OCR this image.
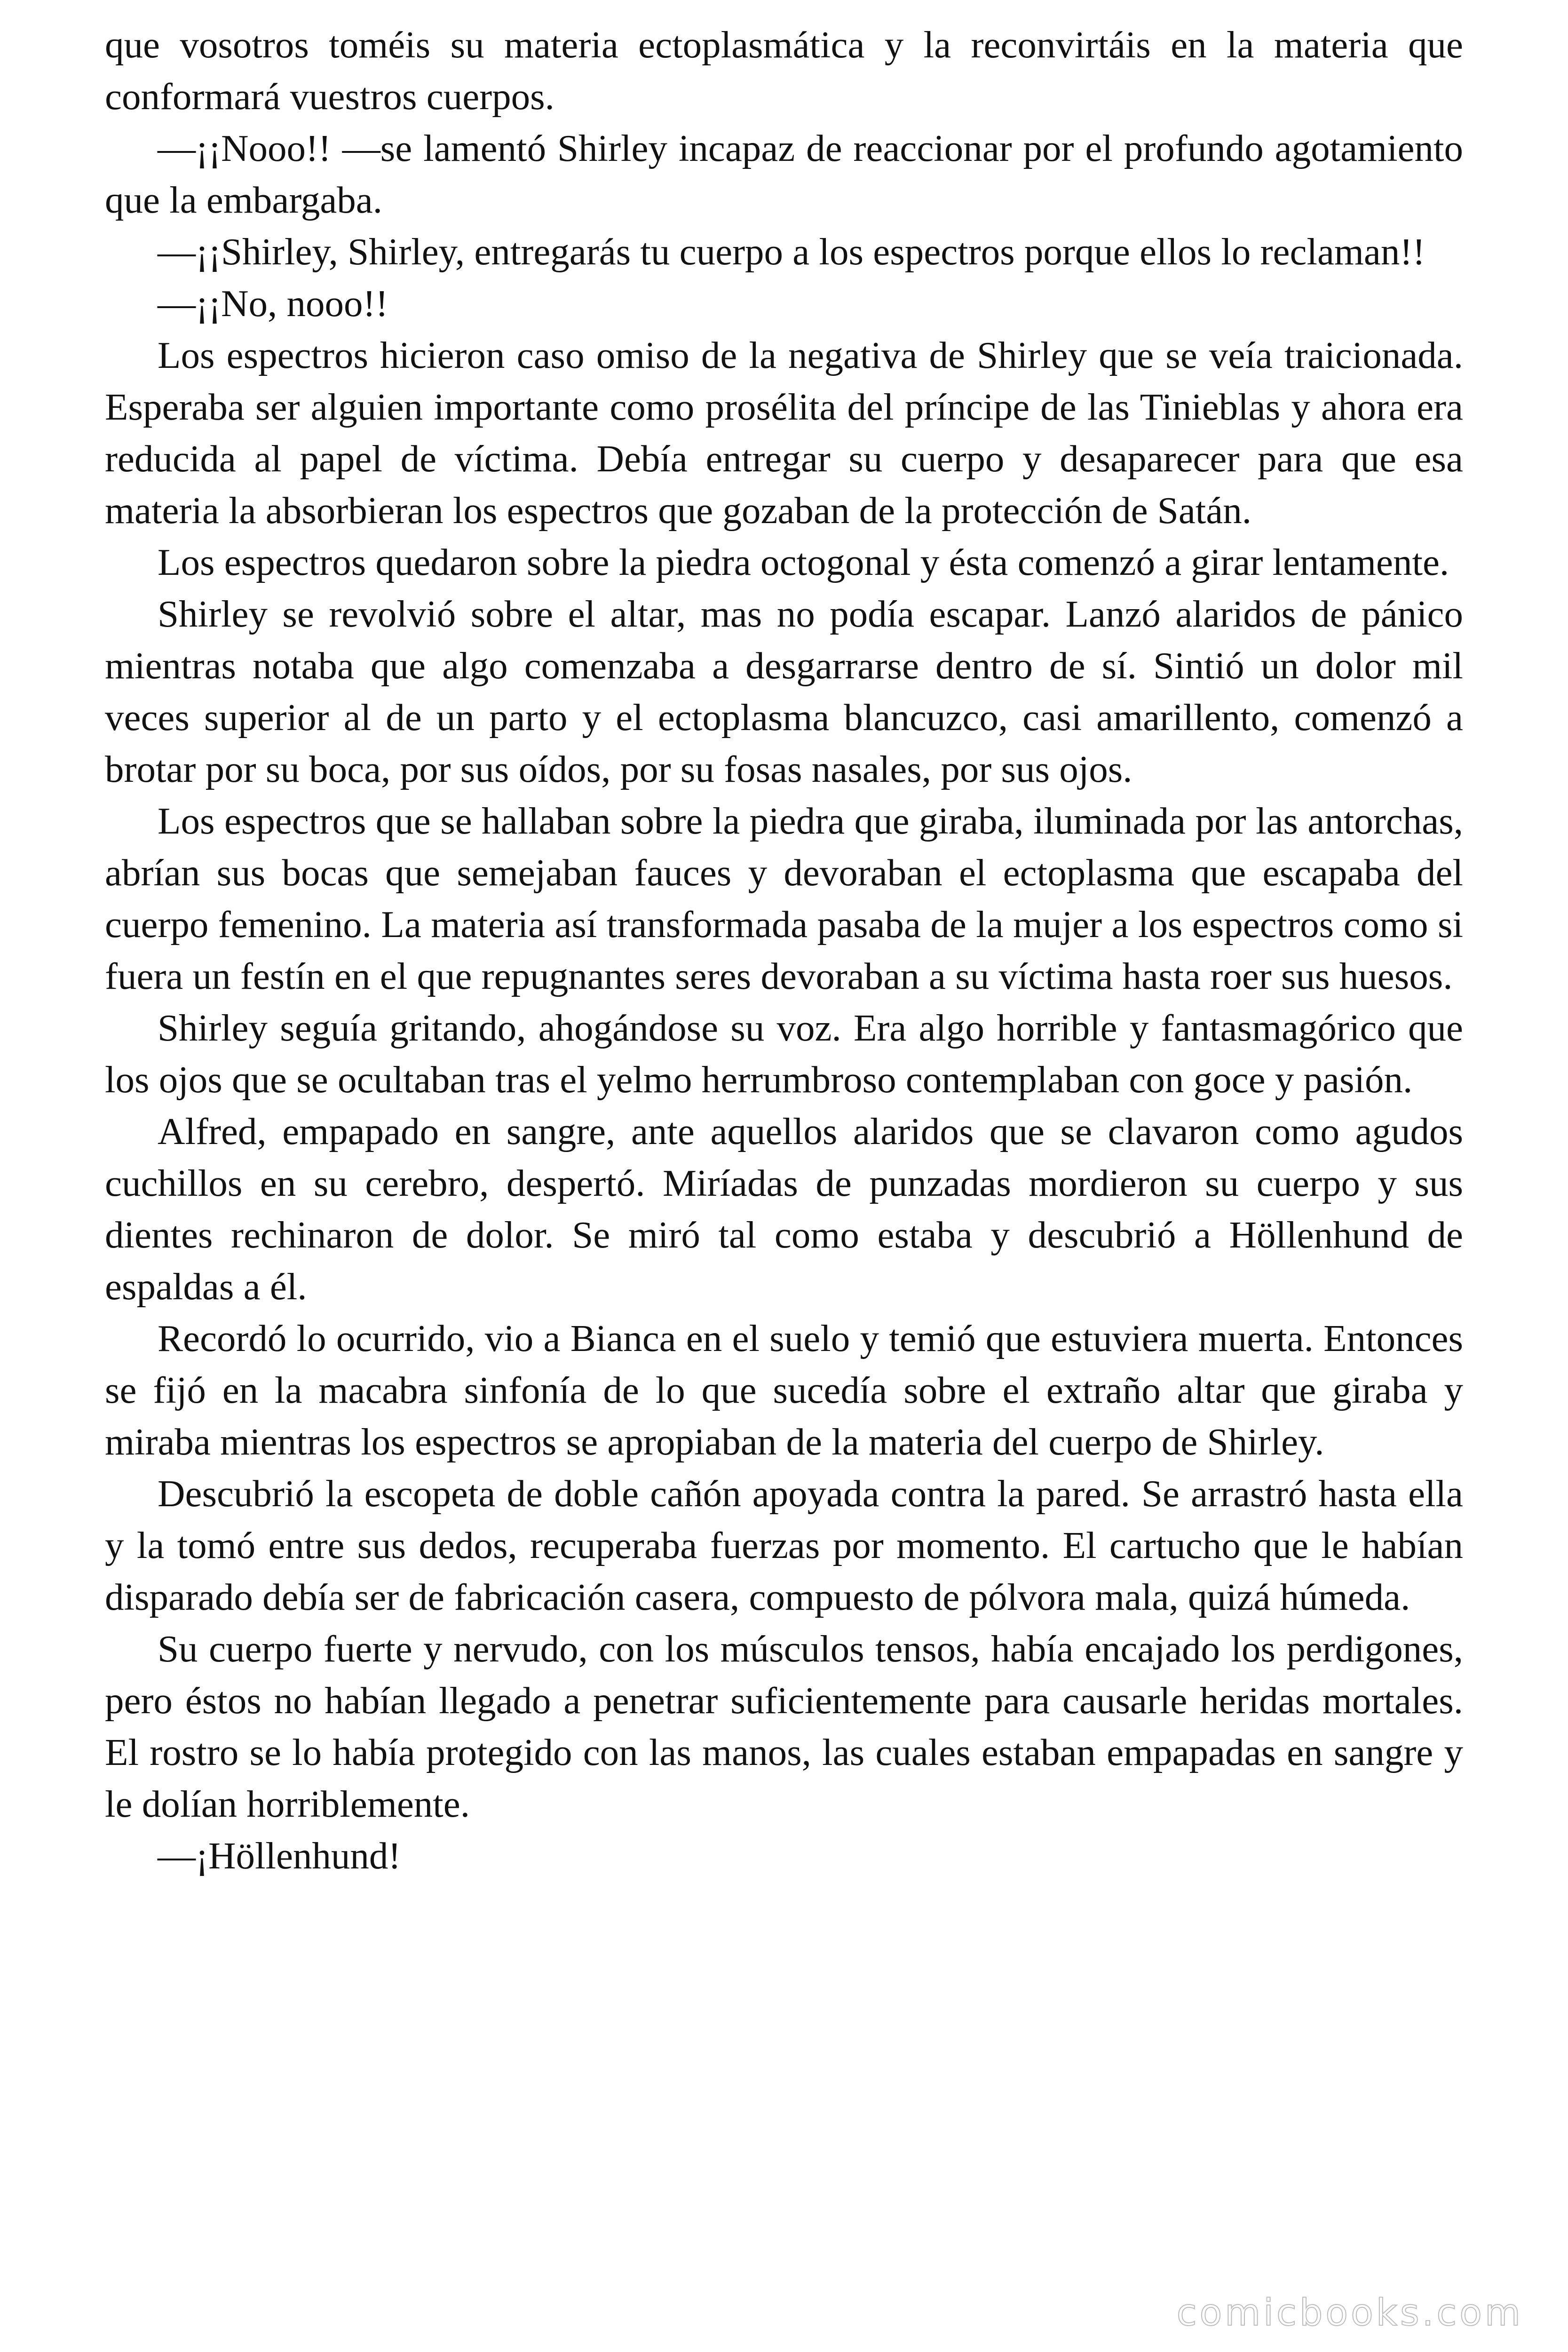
que vosotros toméis su materia ectoplasmática y la reconvirtáis en la materia que conformará vuestros cuerpos.

—¡¡Nooo!! —se lamentó Shirley incapaz de reaccionar por el profundo agotamiento que la embargaba.

—¡¡Shirley, Shirley, entregarás tu cuerpo a los espectros porque ellos lo reclaman!!

—¡¡No, nooo!!

Los espectros hicieron caso omiso de la negativa de Shirley que se veía traicionada. Esperaba ser alguien importante como prosélita del príncipe de las Tinieblas y ahora era reducida al papel de víctima. Debía entregar su cuerpo y desaparecer para que esa materia la absorbieran los espectros que gozaban de la protección de Satán.

Los espectros quedaron sobre la piedra octogonal y ésta comenzó a girar lentamente.

Shirley se revolvió sobre el altar, mas no podía escapar. Lanzó alaridos de pánico mientras notaba que algo comenzaba a desgarrarse dentro de sí. Sintió un dolor mil veces superior al de un parto y el ectoplasma blancuzco, casi amarillento, comenzó a brotar por su boca, por sus oídos, por su fosas nasales, por sus ojos.

Los espectros que se hallaban sobre la piedra que giraba, iluminada por las antorchas, abrían sus bocas que semejaban fauces y devoraban el ectoplasma que escapaba del cuerpo femenino. La materia así transformada pasaba de la mujer a los espectros como si fuera un festín en el que repugnantes seres devoraban a su víctima hasta roer sus huesos.

Shirley seguía gritando, ahogándose su voz. Era algo horrible y fantasmagórico que los ojos que se ocultaban tras el yelmo herrumbroso contemplaban con goce y pasión.

Alfred, empapado en sangre, ante aquellos alaridos que se clavaron como agudos cuchillos en su cerebro, despertó. Miríadas de punzadas mordieron su cuerpo y sus dientes rechinaron de dolor. Se miró tal como estaba y descubrió a Höllenhund de espaldas a él.

Recordó lo ocurrido, vio a Bianca en el suelo y temió que estuviera muerta. Entonces se fijó en la macabra sinfonía de lo que sucedía sobre el extraño altar que giraba y miraba mientras los espectros se apropiaban de la materia del cuerpo de Shirley.

Descubrió la escopeta de doble cañón apoyada contra la pared. Se arrastró hasta ella y la tomó entre sus dedos, recuperaba fuerzas por momento. El cartucho que le habían disparado debía ser de fabricación casera, compuesto de pólvora mala, quizá húmeda.

Su cuerpo fuerte y nervudo, con los músculos tensos, había encajado los perdigones, pero éstos no habían llegado a penetrar suficientemente para causarle heridas mortales. El rostro se lo había protegido con las manos, las cuales estaban empapadas en sangre y le dolían horriblemente.

—¡Höllenhund!

comicbooks.com
